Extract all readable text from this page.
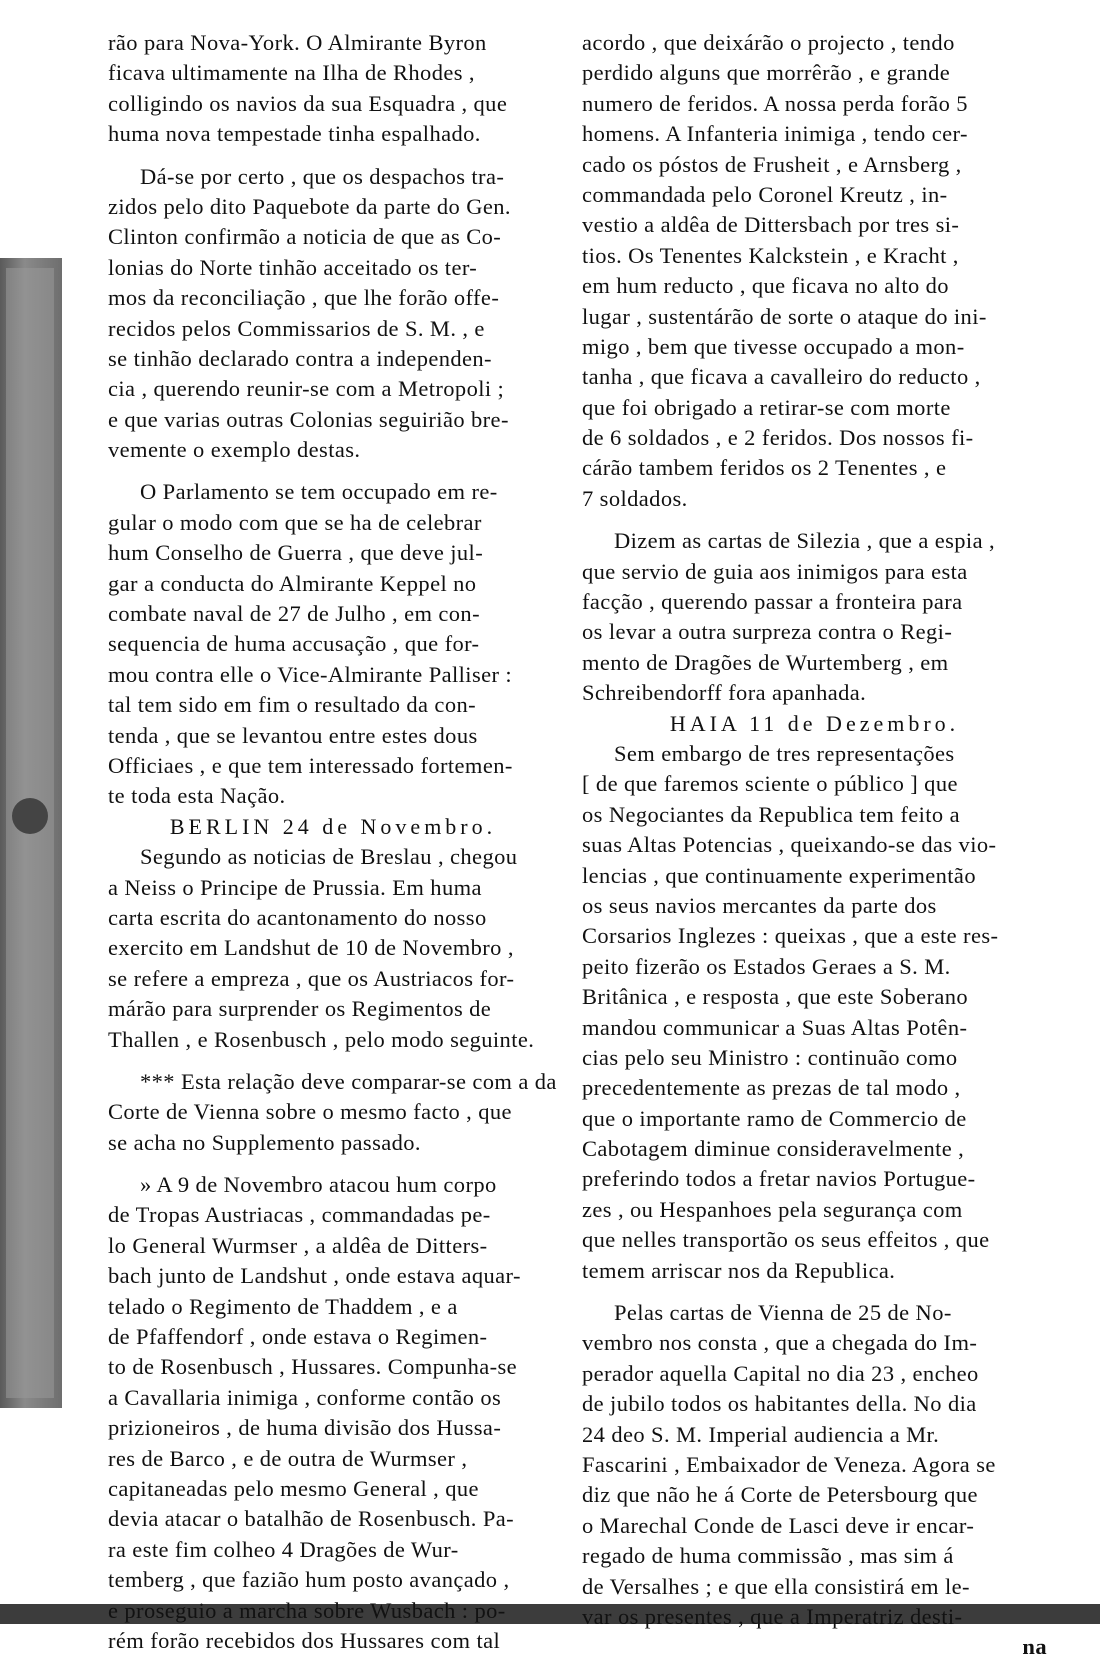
rão para Nova-York. O Almirante Byron
ficava ultimamente na Ilha de Rhodes ,
colligindo os navios da sua Esquadra , que
huma nova tempestade tinha espalhado.
Dá-se por certo , que os despachos tra-
zidos pelo dito Paquebote da parte do Gen.
Clinton confirmão a noticia de que as Co-
lonias do Norte tinhão acceitado os ter-
mos da reconciliação , que lhe forão offe-
recidos pelos Commissarios de S. M. , e
se tinhão declarado contra a independen-
cia , querendo reunir-se com a Metropoli ;
e que varias outras Colonias seguirião bre-
vemente o exemplo destas.
O Parlamento se tem occupado em re-
gular o modo com que se ha de celebrar
hum Conselho de Guerra , que deve jul-
gar a conducta do Almirante Keppel no
combate naval de 27 de Julho , em con-
sequencia de huma accusação , que for-
mou contra elle o Vice-Almirante Palliser :
tal tem sido em fim o resultado da con-
tenda , que se levantou entre estes dous
Officiaes , e que tem interessado fortemen-
te toda esta Nação.
BERLIN 24 de Novembro.
Segundo as noticias de Breslau , chegou
a Neiss o Principe de Prussia. Em huma
carta escrita do acantonamento do nosso
exercito em Landshut de 10 de Novembro ,
se refere a empreza , que os Austriacos for-
márão para surprender os Regimentos de
Thallen , e Rosenbusch , pelo modo seguinte.
*** Esta relação deve comparar-se com a da
Corte de Vienna sobre o mesmo facto , que
se acha no Supplemento passado.
» A 9 de Novembro atacou hum corpo
de Tropas Austriacas , commandadas pe-
lo General Wurmser , a aldêa de Ditters-
bach junto de Landshut , onde estava aquar-
telado o Regimento de Thaddem , e a
de Pfaffendorf , onde estava o Regimen-
to de Rosenbusch , Hussares. Compunha-se
a Cavallaria inimiga , conforme contão os
prizioneiros , de huma divisão dos Hussa-
res de Barco , e de outra de Wurmser ,
capitaneadas pelo mesmo General , que
devia atacar o batalhão de Rosenbusch. Pa-
ra este fim colheo 4 Dragões de Wur-
temberg , que fazião hum posto avançado ,
e proseguio a marcha sobre Wusbach : po-
rém forão recebidos dos Hussares com tal
acordo , que deixárão o projecto , tendo
perdido alguns que morrêrão , e grande
numero de feridos. A nossa perda forão 5
homens. A Infanteria inimiga , tendo cer-
cado os póstos de Frusheit , e Arnsberg ,
commandada pelo Coronel Kreutz , in-
vestio a aldêa de Dittersbach por tres si-
tios. Os Tenentes Kalckstein , e Kracht ,
em hum reducto , que ficava no alto do
lugar , sustentárão de sorte o ataque do ini-
migo , bem que tivesse occupado a mon-
tanha , que ficava a cavalleiro do reducto ,
que foi obrigado a retirar-se com morte
de 6 soldados , e 2 feridos. Dos nossos fi-
cárão tambem feridos os 2 Tenentes , e
7 soldados.
Dizem as cartas de Silezia , que a espia ,
que servio de guia aos inimigos para esta
facção , querendo passar a fronteira para
os levar a outra surpreza contra o Regi-
mento de Dragões de Wurtemberg , em
Schreibendorff fora apanhada.
HAIA 11 de Dezembro.
Sem embargo de tres representações
[ de que faremos sciente o público ] que
os Negociantes da Republica tem feito a
suas Altas Potencias , queixando-se das vio-
lencias , que continuamente experimentão
os seus navios mercantes da parte dos
Corsarios Inglezes : queixas , que a este res-
peito fizerão os Estados Geraes a S. M.
Britânica , e resposta , que este Soberano
mandou communicar a Suas Altas Potên-
cias pelo seu Ministro : continuão como
precedentemente as prezas de tal modo ,
que o importante ramo de Commercio de
Cabotagem diminue consideravelmente ,
preferindo todos a fretar navios Portugue-
zes , ou Hespanhoes pela segurança com
que nelles transportão os seus effeitos , que
temem arriscar nos da Republica.
Pelas cartas de Vienna de 25 de No-
vembro nos consta , que a chegada do Im-
perador aquella Capital no dia 23 , encheo
de jubilo todos os habitantes della. No dia
24 deo S. M. Imperial audiencia a Mr.
Fascarini , Embaixador de Veneza. Agora se
diz que não he á Corte de Petersbourg que
o Marechal Conde de Lasci deve ir encar-
regado de huma commissão , mas sim á
de Versalhes ; e que ella consistirá em le-
var os presentes , que a Imperatriz desti-
na
